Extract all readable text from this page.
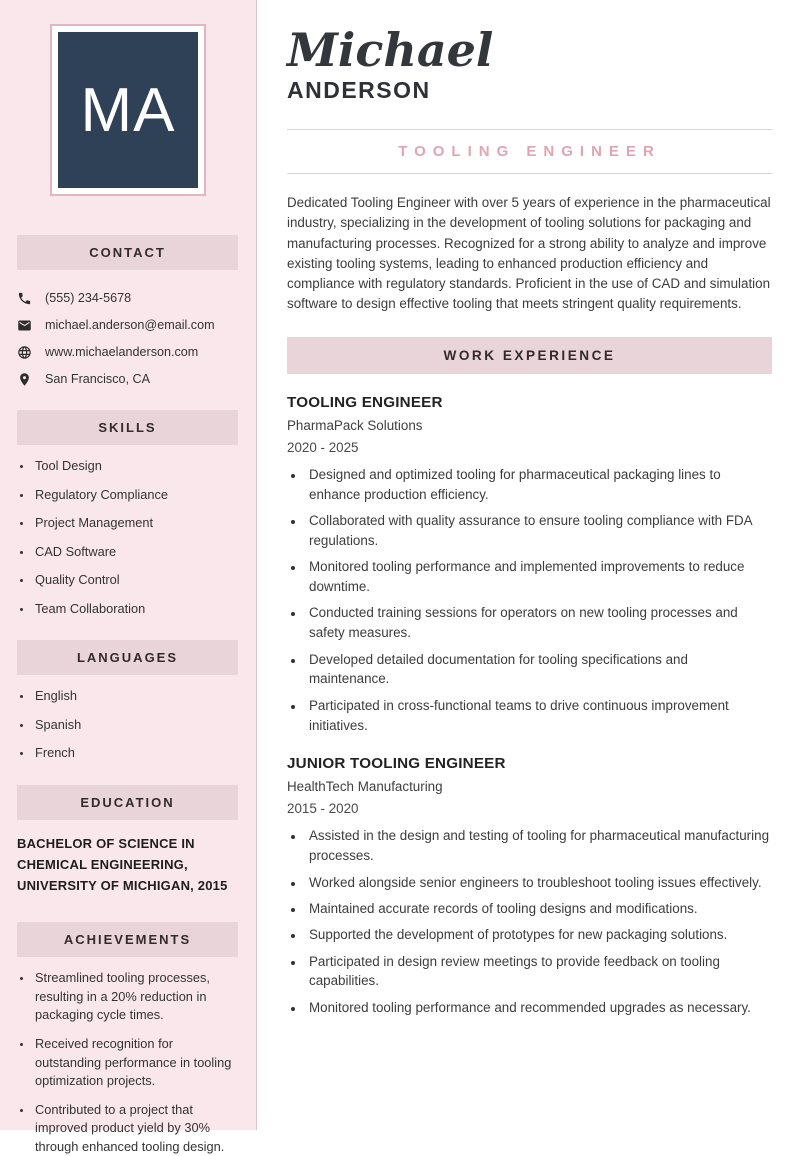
MA
CONTACT
(555) 234-5678
michael.anderson@email.com
www.michaelanderson.com
San Francisco, CA
SKILLS
• Tool Design
• Regulatory Compliance
• Project Management
• CAD Software
• Quality Control
• Team Collaboration
LANGUAGES
• English
• Spanish
• French
EDUCATION
BACHELOR OF SCIENCE IN CHEMICAL ENGINEERING, UNIVERSITY OF MICHIGAN, 2015
ACHIEVEMENTS
• Streamlined tooling processes, resulting in a 20% reduction in packaging cycle times.
• Received recognition for outstanding performance in tooling optimization projects.
• Contributed to a project that improved product yield by 30% through enhanced tooling design.
Michael
ANDERSON
TOOLING ENGINEER

Dedicated Tooling Engineer with over 5 years of experience in the pharmaceutical industry, specializing in the development of tooling solutions for packaging and manufacturing processes. Recognized for a strong ability to analyze and improve existing tooling systems, leading to enhanced production efficiency and compliance with regulatory standards. Proficient in the use of CAD and simulation software to design effective tooling that meets stringent quality requirements.

WORK EXPERIENCE
TOOLING ENGINEER
PharmaPack Solutions
2020 - 2025
• Designed and optimized tooling for pharmaceutical packaging lines to enhance production efficiency.
• Collaborated with quality assurance to ensure tooling compliance with FDA regulations.
• Monitored tooling performance and implemented improvements to reduce downtime.
• Conducted training sessions for operators on new tooling processes and safety measures.
• Developed detailed documentation for tooling specifications and maintenance.
• Participated in cross-functional teams to drive continuous improvement initiatives.
JUNIOR TOOLING ENGINEER
HealthTech Manufacturing
2015 - 2020
• Assisted in the design and testing of tooling for pharmaceutical manufacturing processes.
• Worked alongside senior engineers to troubleshoot tooling issues effectively.
• Maintained accurate records of tooling designs and modifications.
• Supported the development of prototypes for new packaging solutions.
• Participated in design review meetings to provide feedback on tooling capabilities.
• Monitored tooling performance and recommended upgrades as necessary.
